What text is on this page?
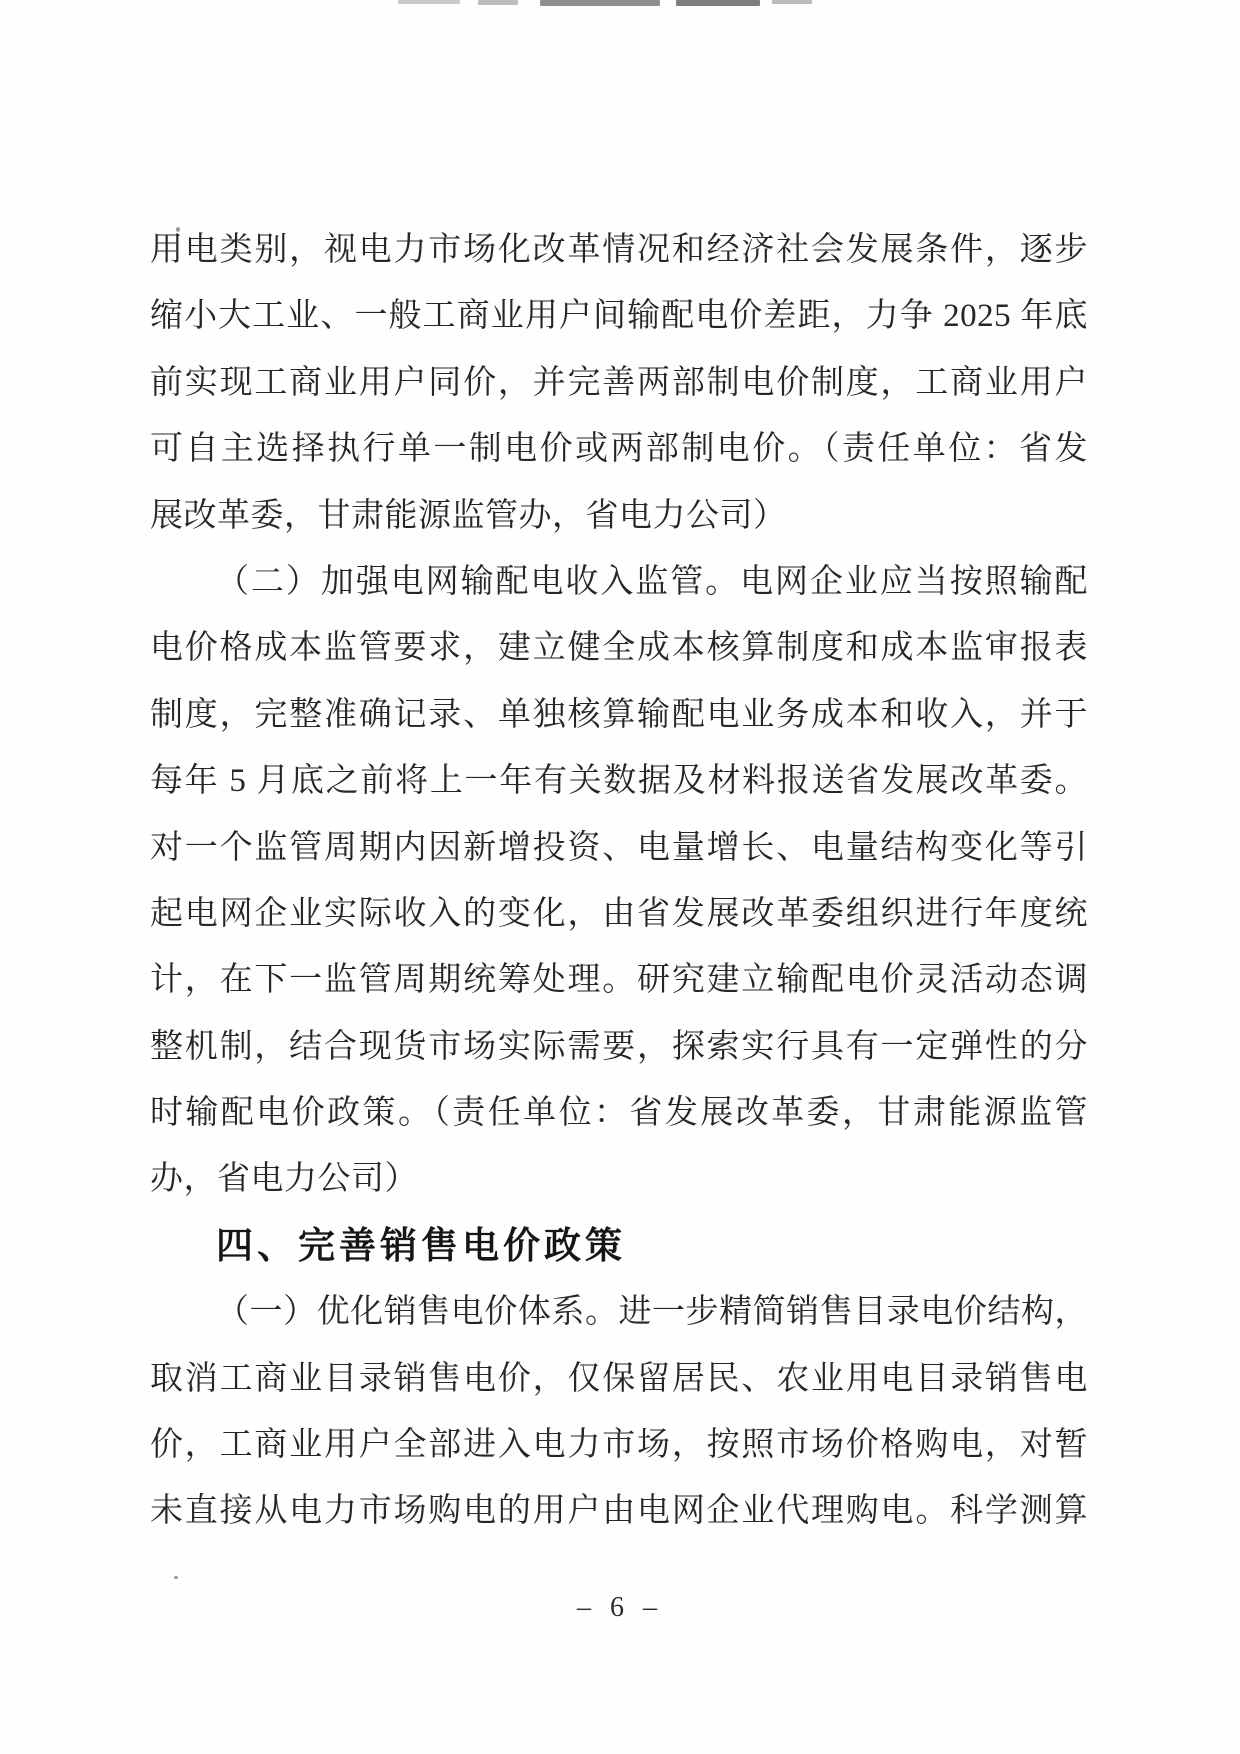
用电类别，视电力市场化改革情况和经济社会发展条件，逐步
缩小大工业、一般工商业用户间输配电价差距，力争 2025 年底
前实现工商业用户同价，并完善两部制电价制度，工商业用户
可自主选择执行单一制电价或两部制电价。（责任单位：省发
展改革委，甘肃能源监管办，省电力公司）
（二）加强电网输配电收入监管。电网企业应当按照输配
电价格成本监管要求，建立健全成本核算制度和成本监审报表
制度，完整准确记录、单独核算输配电业务成本和收入，并于
每年 5 月底之前将上一年有关数据及材料报送省发展改革委。
对一个监管周期内因新增投资、电量增长、电量结构变化等引
起电网企业实际收入的变化，由省发展改革委组织进行年度统
计，在下一监管周期统筹处理。研究建立输配电价灵活动态调
整机制，结合现货市场实际需要，探索实行具有一定弹性的分
时输配电价政策。（责任单位：省发展改革委，甘肃能源监管
办，省电力公司）
四、完善销售电价政策
（一）优化销售电价体系。进一步精简销售目录电价结构，
取消工商业目录销售电价，仅保留居民、农业用电目录销售电
价，工商业用户全部进入电力市场，按照市场价格购电，对暂
未直接从电力市场购电的用户由电网企业代理购电。科学测算
– 6 –
